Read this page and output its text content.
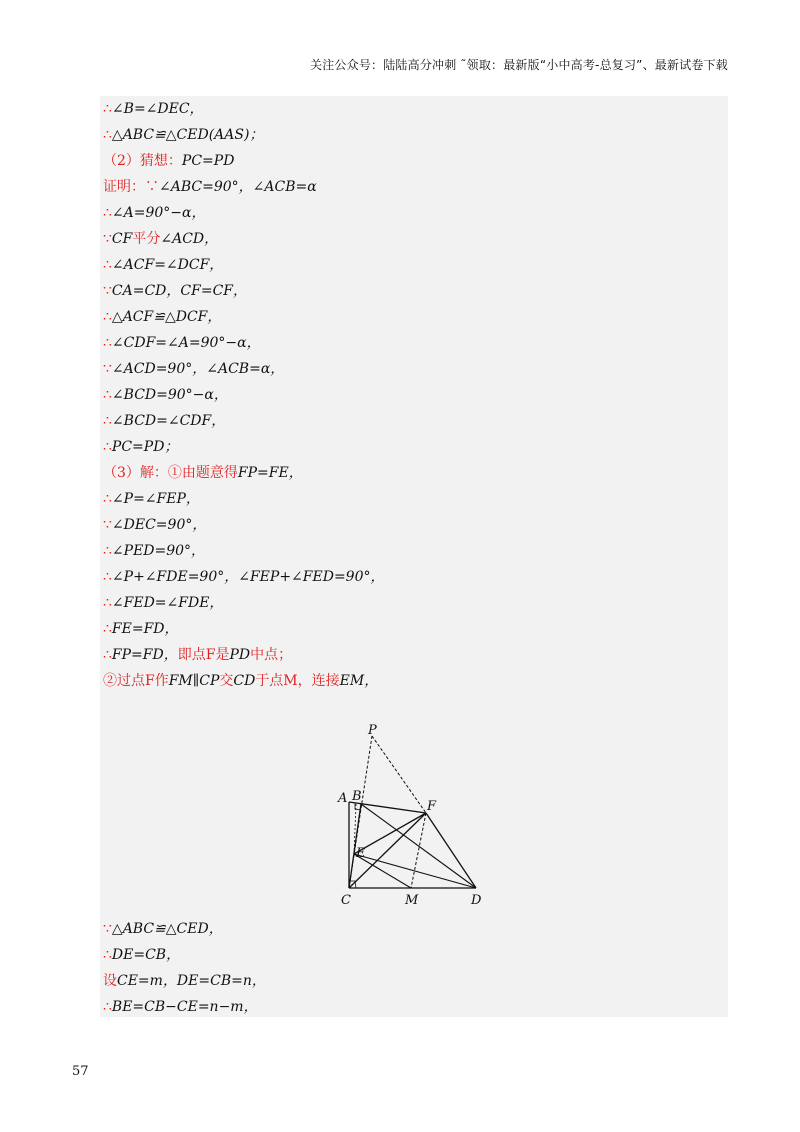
关注公众号：陆陆高分冲刺 ˜领取：最新版“小中高考-总复习”、最新试卷下载
∴∠B=∠DEC，
∴△ABC≌△CED(AAS)；
（2）猜想：PC=PD
证明：∵∠ABC=90°，∠ACB=α
∴∠A=90°−α，
∵CF平分∠ACD，
∴∠ACF=∠DCF，
∵CA=CD，CF=CF，
∴△ACF≌△DCF，
∴∠CDF=∠A=90°−α，
∵∠ACD=90°，∠ACB=α，
∴∠BCD=90°−α，
∴∠BCD=∠CDF，
∴PC=PD；
（3）解：①由题意得FP=FE，
∴∠P=∠FEP，
∵∠DEC=90°，
∴∠PED=90°，
∴∠P+∠FDE=90°，∠FEP+∠FED=90°，
∴∠FED=∠FDE，
∴FE=FD，
∴FP=FD，即点F是PD中点；
②过点F作FM∥CP交CD于点M，连接EM，
P
A B
F
E
C	M	D
∵△ABC≌△CED，
∴DE=CB，
设CE=m，DE=CB=n，
∴BE=CB−CE=n−m，
57
